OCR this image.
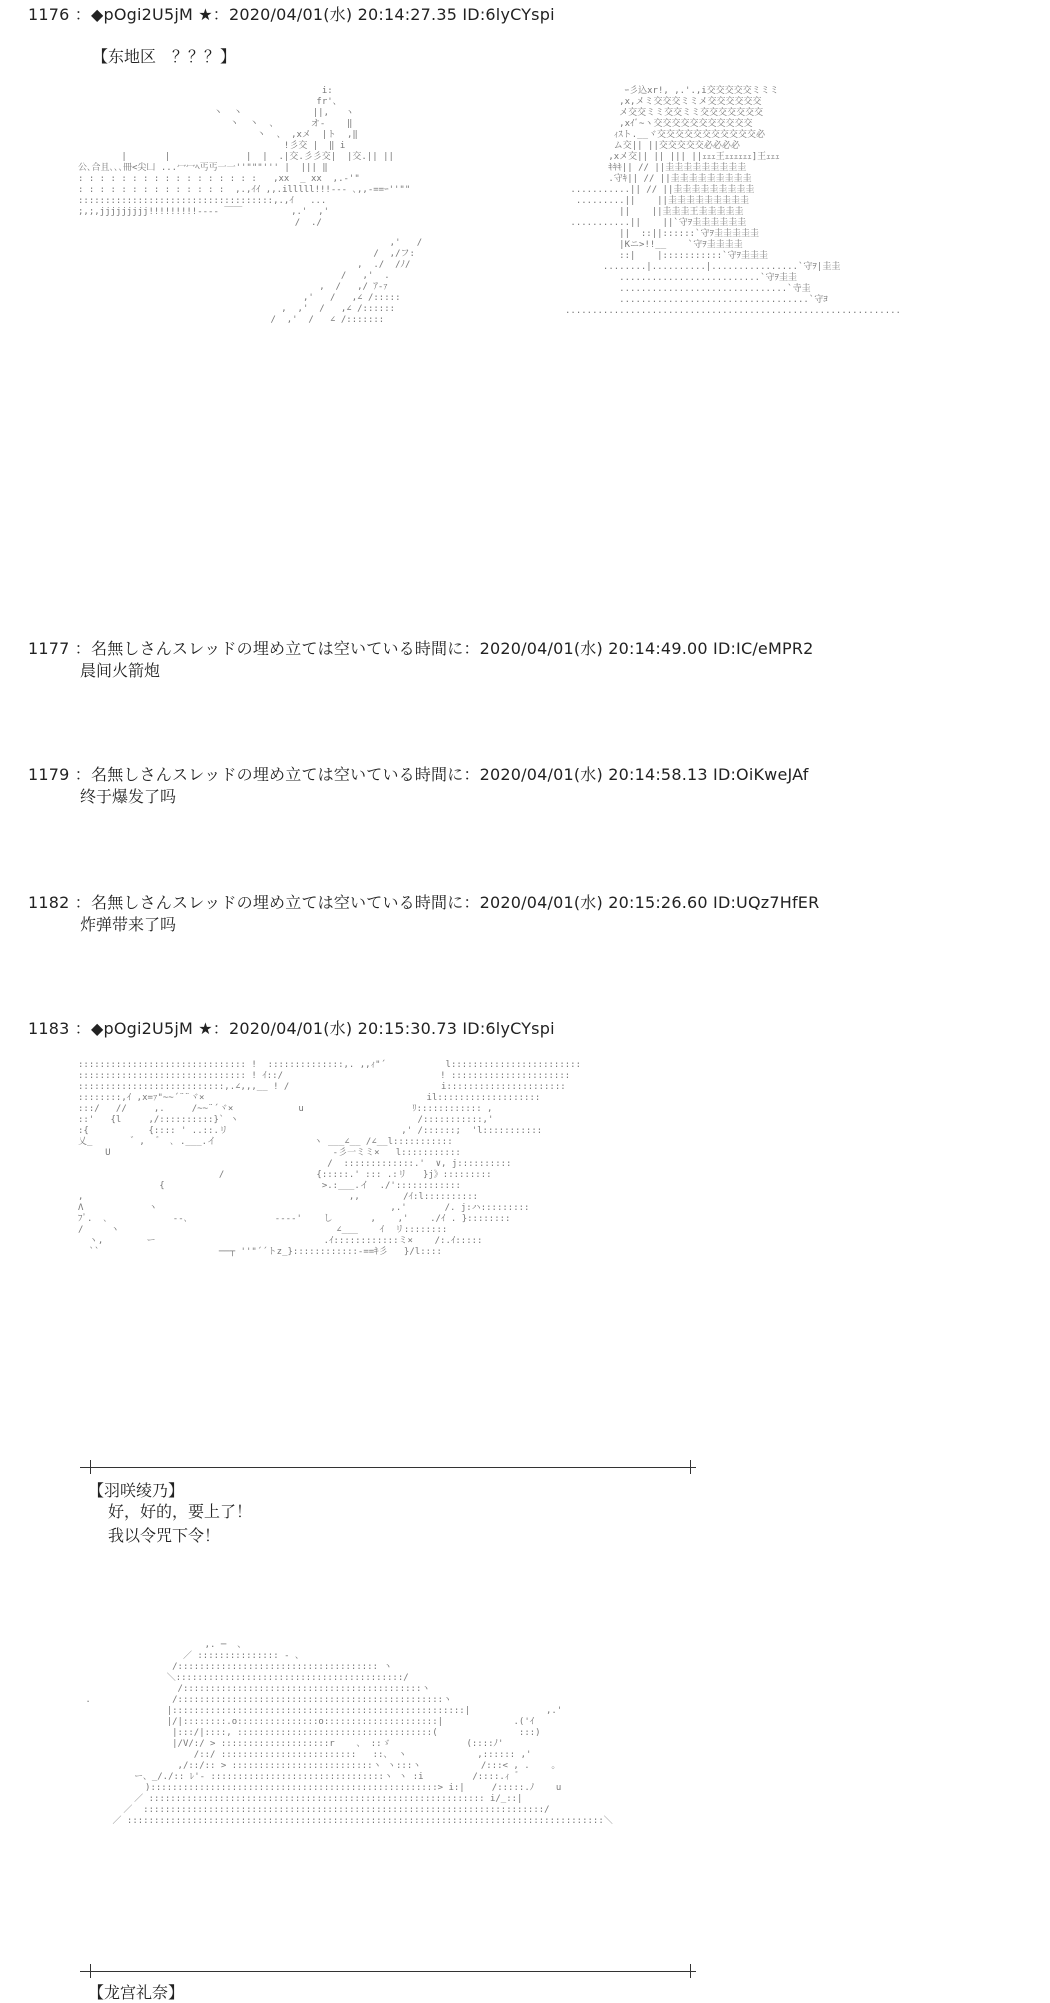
1176 ：◆pOgi2U5jM ★：2020/04/01(水) 20:14:27.35 ID:6lyCYspi
【东地区　？？？】
i:
fr'、
丶  丶             ||,   ヽ
丶  丶  、      オ-    ‖
丶  、 ,xメ  |ト  ,‖
!彡交 |  ‖ i
|       |              |  |  .|交.彡彡交|  |交.|| ||
公､合且､､､冊<尖凵 ...冖冖ﾍ丐丐一一''"""''' |  ||| ‖
: : : : : : : : : : : : : : : : :   ,xx  _ xx  ,.-'"
: : : : : : : : : : : : : :  ,.,ｲｲ ,,.illlll!!!--‐ ､,,-==ｰ''""
::::::::::::::::::::::::::::::::::::,.,ｲ   ...
;,;,jjjjjjjjj!!!!!!!!!--‐‐ ￣￣         ,.'  ,'
/  ./
,'   /
/  ,/フ:
,  ./  /ﾉ/
/   ,'  .
,  /   ,/ ｱ-ｧ
,'   /   ,∠ /:::::
,  ,'  /   ,∠ /::::::
/  ,'  /   ∠ /:::::::
ｰ彡込xr!, ,.'.,i交交交交交ミミミ
,x,メミ交交交ミミメ交交交交交交
メ交交ミミ交交ミミ交交交交交交交
,xｲﾞ~ヽ交交交交交交交交交交交
ｨｽト.__ヾ交交交交交交交交交交交必
ム交|| ||交交交交交必必必必
,xメ交|| || ||| ||ｪｪｪ王ｪｪｪｪｪｪ]王ｪｪｪ
ｷｷｷ|| // ||圭圭圭圭圭圭圭圭圭
.守ｷ|| // ||圭圭圭圭圭圭圭圭圭
...........|| // ||圭圭圭圭圭圭圭圭圭
.........||    ||圭圭圭圭圭圭圭圭圭
||    ||圭圭圭王圭圭圭圭圭
...........||    ||`守ｦ圭圭圭圭圭圭
||  ::||::::::`守ｦ圭圭圭圭圭
|Kニ>!!__    `守ｦ圭圭圭圭
::|    |:::::::::::`守ｦ圭圭圭
........|..........|................`守ｦ|圭圭
..........................`守ｦ圭圭
...............................`寺圭
...................................`守ﾖ
..............................................................
1177 ：名無しさんスレッドの埋め立ては空いている時間に：2020/04/01(水) 20:14:49.00 ID:IC/eMPR2
晨间火箭炮
1179 ：名無しさんスレッドの埋め立ては空いている時間に：2020/04/01(水) 20:14:58.13 ID:OiKweJAf
终于爆发了吗
1182 ：名無しさんスレッドの埋め立ては空いている時間に：2020/04/01(水) 20:15:26.60 ID:UQz7HfER
炸弹带来了吗
1183 ：◆pOgi2U5jM ★：2020/04/01(水) 20:15:30.73 ID:6lyCYspi
::::::::::::::::::::::::::::::: !  ::::::::::::::,. ,,ｨ"´           l::::::::::::::::::::::::
::::::::::::::::::::::::::::::: ! ｲ::/                             ! ::::::::::::::::::::::
:::::::::::::::::::::::::::,.∠,,,__ ! /                            i::::::::::::::::::::::
::::::::,ｲ ,x=ｧ"~~´¨¨ヾ×                                         il:::::::::::::::::::
:::/   //     ,.     /~~¨´ヾ×            u                    ﾘ:::::::::::: ,
::'   {l     ,/::::::::::}` ヽ                                 /:::::::::::,'
:{           {:::: ' ..::.リ                                ,' /::::::;  'l:::::::::::
乂_       ゛,  ゛ ､ .___.イ                  ヽ ___∠__ /∠__l:::::::::::
U                                         -彡一ミミ×   l:::::::::::
/  :::::::::::::.'  ∨, j::::::::::
/                 {:::::.' ::: .:リ   }j》:::::::::
{                             >.:___.イ  ./'::::::::::::
,                                                 ,,        /ｲ:l::::::::::
Λ            ヽ                                           ,.'       /. j:ハ:::::::::
ﾌﾟ.  ､            ‐-､                -‐‐-'    し       ,    ,'    ./ｲ . }::::::::
/     ヽ                                        ∠___    ｲ  リ::::::::
ヽ,        ー                               .ｲ::::::::::::ミ×    /:.ｲ:::::
``                      ──┬ ''"´´トz_}::::::::::::‐==ｷ彡   }/l::::
【羽咲绫乃】
好，好的，要上了！
我以令咒下令！
,. ─  、
／ ::::::::::::::: ‐ 、
/::::::::::::::::::::::::::::::::::::: ヽ
＼::::::::::::::::::::::::::::::::::::::::::/
/::::::::::::::::::::::::::::::::::::::::::::ヽ
.               /:::::::::::::::::::::::::::::::::::::::::::::::::ヽ
|::::::::::::::::::::::::::::::::::::::::::::::::::::::|              ,.'
|/|::::::::.o:::::::::::::::o:::::::::::::::::::::|             .('ｲ
|:::/|::::, ::::::::::::::::::::::::::::::::::::(               :::)
|/V/:/ > ::::::::::::::::::::r    、 ::ゞ              (::::ﾉ'
/::/ :::::::::::::::::::::::::   ::、 ヽ             ,:::::: ,'
,/::/:: > ::::::::::::::::::::::::::ヽ ヽ:::ヽ           /:::< , .    。
ー、_/./:: ﾚ'‐ ::::::::::::::::::::::::::::::::ヽ ヽ :i         /::::.ｨ ゛
):::::::::::::::::::::::::::::::::::::::::::::::::::::> i:|     /:::::.ﾉ    u
／ :::::::::::::::::::::::::::::::::::::::::::::::::::::::::::::: i/_::|
／  ::::::::::::::::::::::::::::::::::::::::::::::::::::::::::::::::::::::::::/
／ ::::::::::::::::::::::::::::::::::::::::::::::::::::::::::::::::::::::::::::::::::::::::＼
【龙宫礼奈】
